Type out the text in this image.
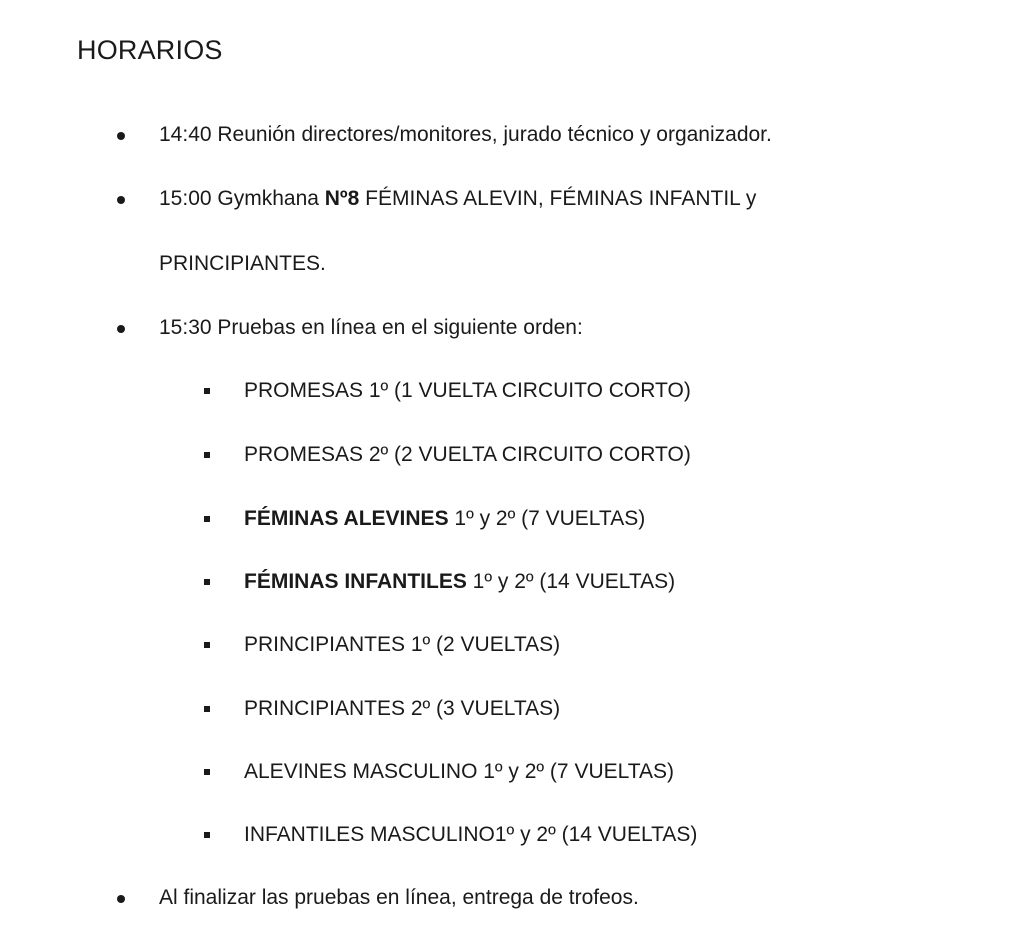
HORARIOS
14:40 Reunión directores/monitores, jurado técnico y organizador.
15:00 Gymkhana Nº8 FÉMINAS ALEVIN, FÉMINAS INFANTIL y
PRINCIPIANTES.
15:30 Pruebas en línea en el siguiente orden:
PROMESAS 1º (1 VUELTA CIRCUITO CORTO)
PROMESAS 2º (2 VUELTA CIRCUITO CORTO)
FÉMINAS ALEVINES 1º y 2º (7 VUELTAS)
FÉMINAS INFANTILES 1º y 2º (14 VUELTAS)
PRINCIPIANTES 1º (2 VUELTAS)
PRINCIPIANTES 2º (3 VUELTAS)
ALEVINES MASCULINO 1º y 2º (7 VUELTAS)
INFANTILES MASCULINO1º y 2º (14 VUELTAS)
Al finalizar las pruebas en línea, entrega de trofeos.
